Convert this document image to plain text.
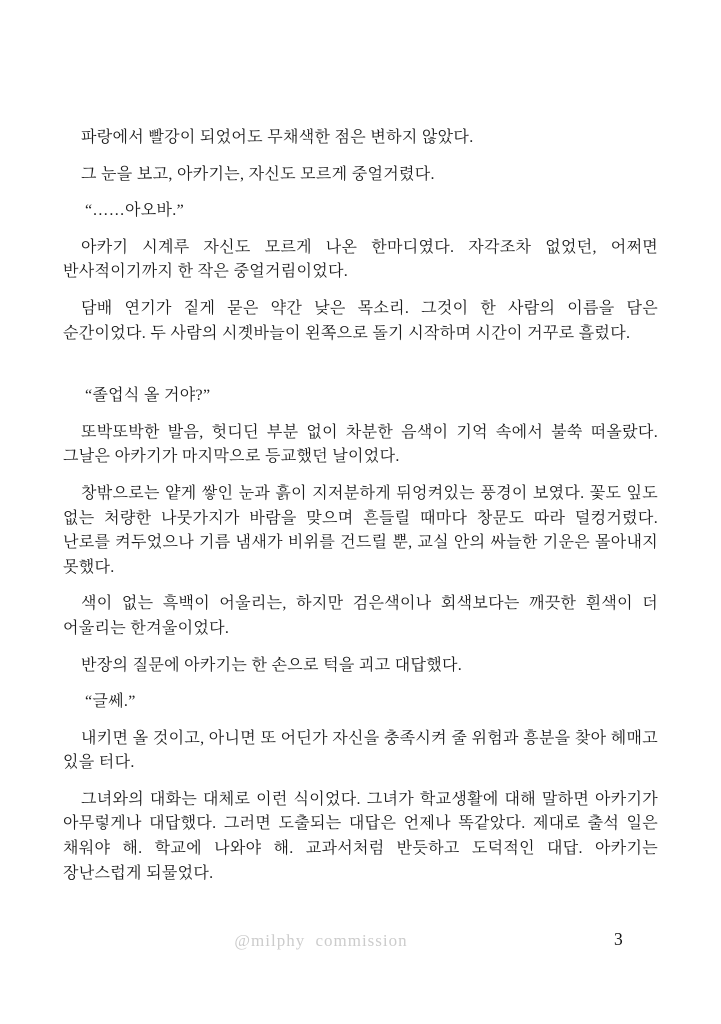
파랑에서 빨강이 되었어도 무채색한 점은 변하지 않았다.

그 눈을 보고, 아카기는, 자신도 모르게 중얼거렸다.

“……아오바.”

아카기 시계루 자신도 모르게 나온 한마디였다. 자각조차 없었던, 어쩌면 반사적이기까지 한 작은 중얼거림이었다.

담배 연기가 짙게 묻은 약간 낮은 목소리. 그것이 한 사람의 이름을 담은 순간이었다. 두 사람의 시곗바늘이 왼쪽으로 돌기 시작하며 시간이 거꾸로 흘렀다.

“졸업식 올 거야?”

또박또박한 발음, 헛디딘 부분 없이 차분한 음색이 기억 속에서 불쑥 떠올랐다. 그날은 아카기가 마지막으로 등교했던 날이었다.

창밖으로는 얕게 쌓인 눈과 흙이 지저분하게 뒤엉켜있는 풍경이 보였다. 꽃도 잎도 없는 처량한 나뭇가지가 바람을 맞으며 흔들릴 때마다 창문도 따라 덜컹거렸다. 난로를 켜두었으나 기름 냄새가 비위를 건드릴 뿐, 교실 안의 싸늘한 기운은 몰아내지 못했다.

색이 없는 흑백이 어울리는, 하지만 검은색이나 회색보다는 깨끗한 흰색이 더 어울리는 한겨울이었다.

반장의 질문에 아카기는 한 손으로 턱을 괴고 대답했다.

“글쎄.”

내키면 올 것이고, 아니면 또 어딘가 자신을 충족시켜 줄 위험과 흥분을 찾아 헤매고 있을 터다.

그녀와의 대화는 대체로 이런 식이었다. 그녀가 학교생활에 대해 말하면 아카기가 아무렇게나 대답했다. 그러면 도출되는 대답은 언제나 똑같았다. 제대로 출석 일은 채워야 해. 학교에 나와야 해. 교과서처럼 반듯하고 도덕적인 대답. 아카기는 장난스럽게 되물었다.

@milphy commission	3
